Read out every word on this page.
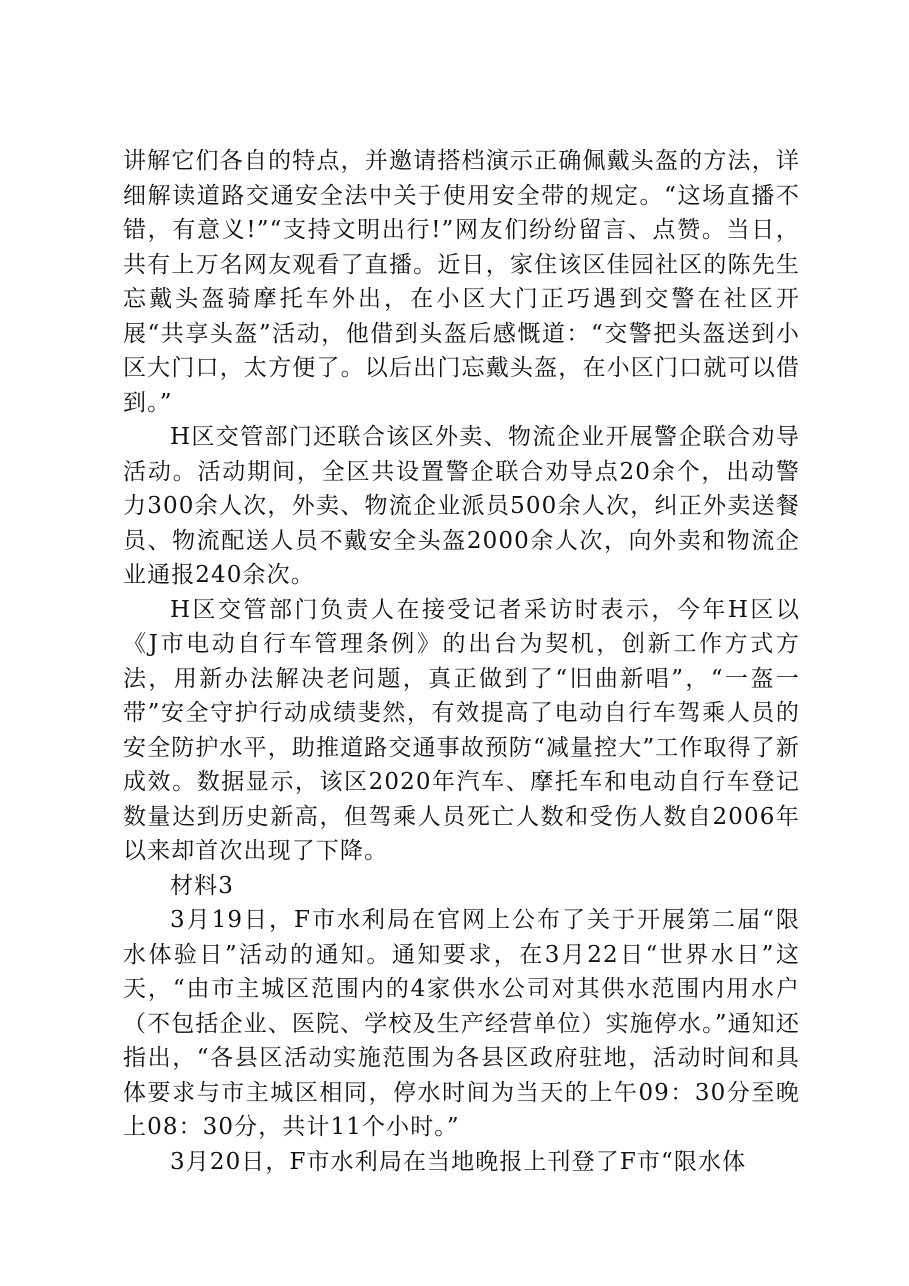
讲解它们各自的特点，并邀请搭档演示正确佩戴头盔的方法，详细解读道路交通安全法中关于使用安全带的规定。“这场直播不错，有意义!”“支持文明出行!”网友们纷纷留言、点赞。当日，共有上万名网友观看了直播。近日，家住该区佳园社区的陈先生忘戴头盔骑摩托车外出，在小区大门正巧遇到交警在社区开展“共享头盔”活动，他借到头盔后感慨道：“交警把头盔送到小区大门口，太方便了。以后出门忘戴头盔，在小区门口就可以借到。”

H区交管部门还联合该区外卖、物流企业开展警企联合劝导活动。活动期间，全区共设置警企联合劝导点20余个，出动警力300余人次，外卖、物流企业派员500余人次，纠正外卖送餐员、物流配送人员不戴安全头盔2000余人次，向外卖和物流企业通报240余次。

H区交管部门负责人在接受记者采访时表示，今年H区以《J市电动自行车管理条例》的出台为契机，创新工作方式方法，用新办法解决老问题，真正做到了“旧曲新唱”，“一盔一带”安全守护行动成绩斐然，有效提高了电动自行车驾乘人员的安全防护水平，助推道路交通事故预防“减量控大”工作取得了新成效。数据显示，该区2020年汽车、摩托车和电动自行车登记数量达到历史新高，但驾乘人员死亡人数和受伤人数自2006年以来却首次出现了下降。

材料3

3月19日，F市水利局在官网上公布了关于开展第二届“限水体验日”活动的通知。通知要求，在3月22日“世界水日”这天，“由市主城区范围内的4家供水公司对其供水范围内用水户（不包括企业、医院、学校及生产经营单位）实施停水。”通知还指出，“各县区活动实施范围为各县区政府驻地，活动时间和具体要求与市主城区相同，停水时间为当天的上午09：30分至晚上08：30分，共计11个小时。”

3月20日，F市水利局在当地晚报上刊登了F市“限水体
